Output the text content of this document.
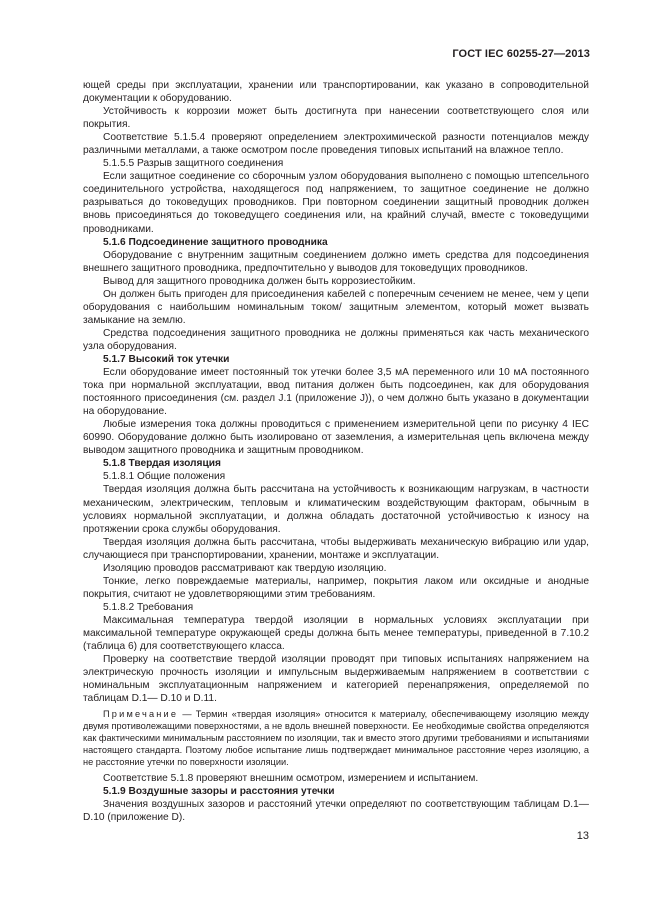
ГОСТ IEC 60255-27—2013

ющей среды при эксплуатации, хранении или транспортировании, как указано в сопроводительной документации к оборудованию.

Устойчивость к коррозии может быть достигнута при нанесении соответствующего слоя или покрытия.

Соответствие 5.1.5.4 проверяют определением электрохимической разности потенциалов между различными металлами, а также осмотром после проведения типовых испытаний на влажное тепло.

5.1.5.5 Разрыв защитного соединения

Если защитное соединение со сборочным узлом оборудования выполнено с помощью штепсельного соединительного устройства, находящегося под напряжением, то защитное соединение не должно разрываться до токоведущих проводников. При повторном соединении защитный проводник должен вновь присоединяться до токоведущего соединения или, на крайний случай, вместе с токоведущими проводниками.

5.1.6 Подсоединение защитного проводника

Оборудование с внутренним защитным соединением должно иметь средства для подсоединения внешнего защитного проводника, предпочтительно у выводов для токоведущих проводников.

Вывод для защитного проводника должен быть коррозиестойким.

Он должен быть пригоден для присоединения кабелей с поперечным сечением не менее, чем у цепи оборудования с наибольшим номинальным током/ защитным элементом, который может вызвать замыкание на землю.

Средства подсоединения защитного проводника не должны применяться как часть механического узла оборудования.

5.1.7 Высокий ток утечки

Если оборудование имеет постоянный ток утечки более 3,5 мА переменного или 10 мА постоянного тока при нормальной эксплуатации, ввод питания должен быть подсоединен, как для оборудования постоянного присоединения (см. раздел J.1 (приложение J)), о чем должно быть указано в документации на оборудование.

Любые измерения тока должны проводиться с применением измерительной цепи по рисунку 4 IEC 60990. Оборудование должно быть изолировано от заземления, а измерительная цепь включена между выводом защитного проводника и защитным проводником.

5.1.8 Твердая изоляция

5.1.8.1 Общие положения

Твердая изоляция должна быть рассчитана на устойчивость к возникающим нагрузкам, в частности механическим, электрическим, тепловым и климатическим воздействующим факторам, обычным в условиях нормальной эксплуатации, и должна обладать достаточной устойчивостью к износу на протяжении срока службы оборудования.

Твердая изоляция должна быть рассчитана, чтобы выдерживать механическую вибрацию или удар, случающиеся при транспортировании, хранении, монтаже и эксплуатации.

Изоляцию проводов рассматривают как твердую изоляцию.

Тонкие, легко повреждаемые материалы, например, покрытия лаком или оксидные и анодные покрытия, считают не удовлетворяющими этим требованиям.

5.1.8.2 Требования

Максимальная температура твердой изоляции в нормальных условиях эксплуатации при максимальной температуре окружающей среды должна быть менее температуры, приведенной в 7.10.2 (таблица 6) для соответствующего класса.

Проверку на соответствие твердой изоляции проводят при типовых испытаниях напряжением на электрическую прочность изоляции и импульсным выдерживаемым напряжением в соответствии с номинальным эксплуатационным напряжением и категорией перенапряжения, определяемой по таблицам D.1— D.10 и D.11.

Примечание — Термин «твердая изоляция» относится к материалу, обеспечивающему изоляцию между двумя противолежащими поверхностями, а не вдоль внешней поверхности. Ее необходимые свойства определяются как фактическими минимальным расстоянием по изоляции, так и вместо этого другими требованиями и испытаниями настоящего стандарта. Поэтому любое испытание лишь подтверждает минимальное расстояние через изоляцию, а не расстояние утечки по поверхности изоляции.

Соответствие 5.1.8 проверяют внешним осмотром, измерением и испытанием.

5.1.9 Воздушные зазоры и расстояния утечки

Значения воздушных зазоров и расстояний утечки определяют по соответствующим таблицам D.1—D.10 (приложение D).

13
